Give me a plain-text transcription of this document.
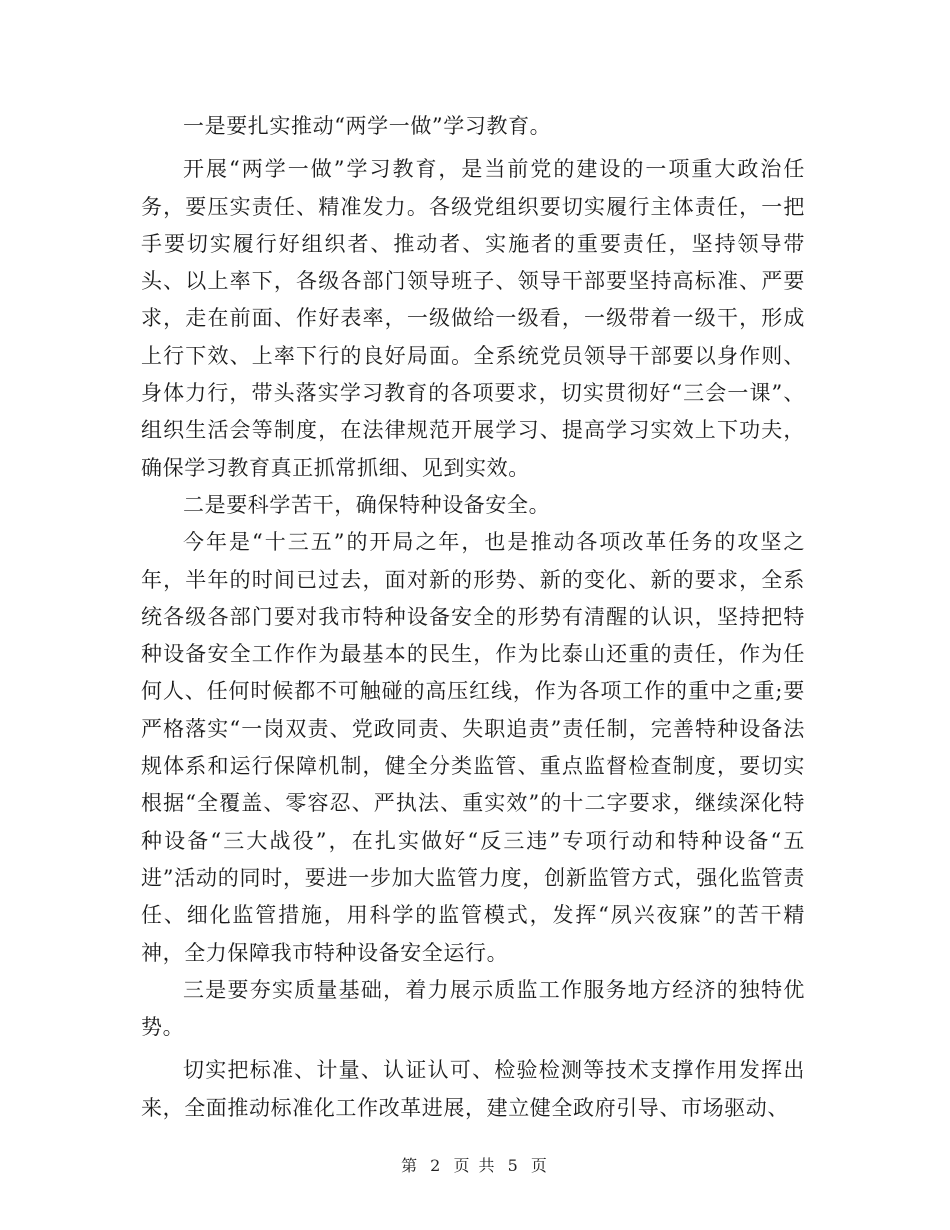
一是要扎实推动“两学一做”学习教育。

开展“两学一做”学习教育，是当前党的建设的一项重大政治任务，要压实责任、精准发力。各级党组织要切实履行主体责任，一把手要切实履行好组织者、推动者、实施者的重要责任，坚持领导带头、以上率下，各级各部门领导班子、领导干部要坚持高标准、严要求，走在前面、作好表率，一级做给一级看，一级带着一级干，形成上行下效、上率下行的良好局面。全系统党员领导干部要以身作则、身体力行，带头落实学习教育的各项要求，切实贯彻好“三会一课”、组织生活会等制度，在法律规范开展学习、提高学习实效上下功夫，确保学习教育真正抓常抓细、见到实效。

二是要科学苦干，确保特种设备安全。

今年是“十三五”的开局之年，也是推动各项改革任务的攻坚之年，半年的时间已过去，面对新的形势、新的变化、新的要求，全系统各级各部门要对我市特种设备安全的形势有清醒的认识，坚持把特种设备安全工作作为最基本的民生，作为比泰山还重的责任，作为任何人、任何时候都不可触碰的高压红线，作为各项工作的重中之重;要严格落实“一岗双责、党政同责、失职追责”责任制，完善特种设备法规体系和运行保障机制，健全分类监管、重点监督检查制度，要切实根据“全覆盖、零容忍、严执法、重实效”的十二字要求，继续深化特种设备“三大战役”，在扎实做好“反三违”专项行动和特种设备“五进”活动的同时，要进一步加大监管力度，创新监管方式，强化监管责任、细化监管措施，用科学的监管模式，发挥“夙兴夜寐”的苦干精神，全力保障我市特种设备安全运行。

三是要夯实质量基础，着力展示质监工作服务地方经济的独特优势。

切实把标准、计量、认证认可、检验检测等技术支撑作用发挥出来，全面推动标准化工作改革进展，建立健全政府引导、市场驱动、

第 2 页 共 5 页
